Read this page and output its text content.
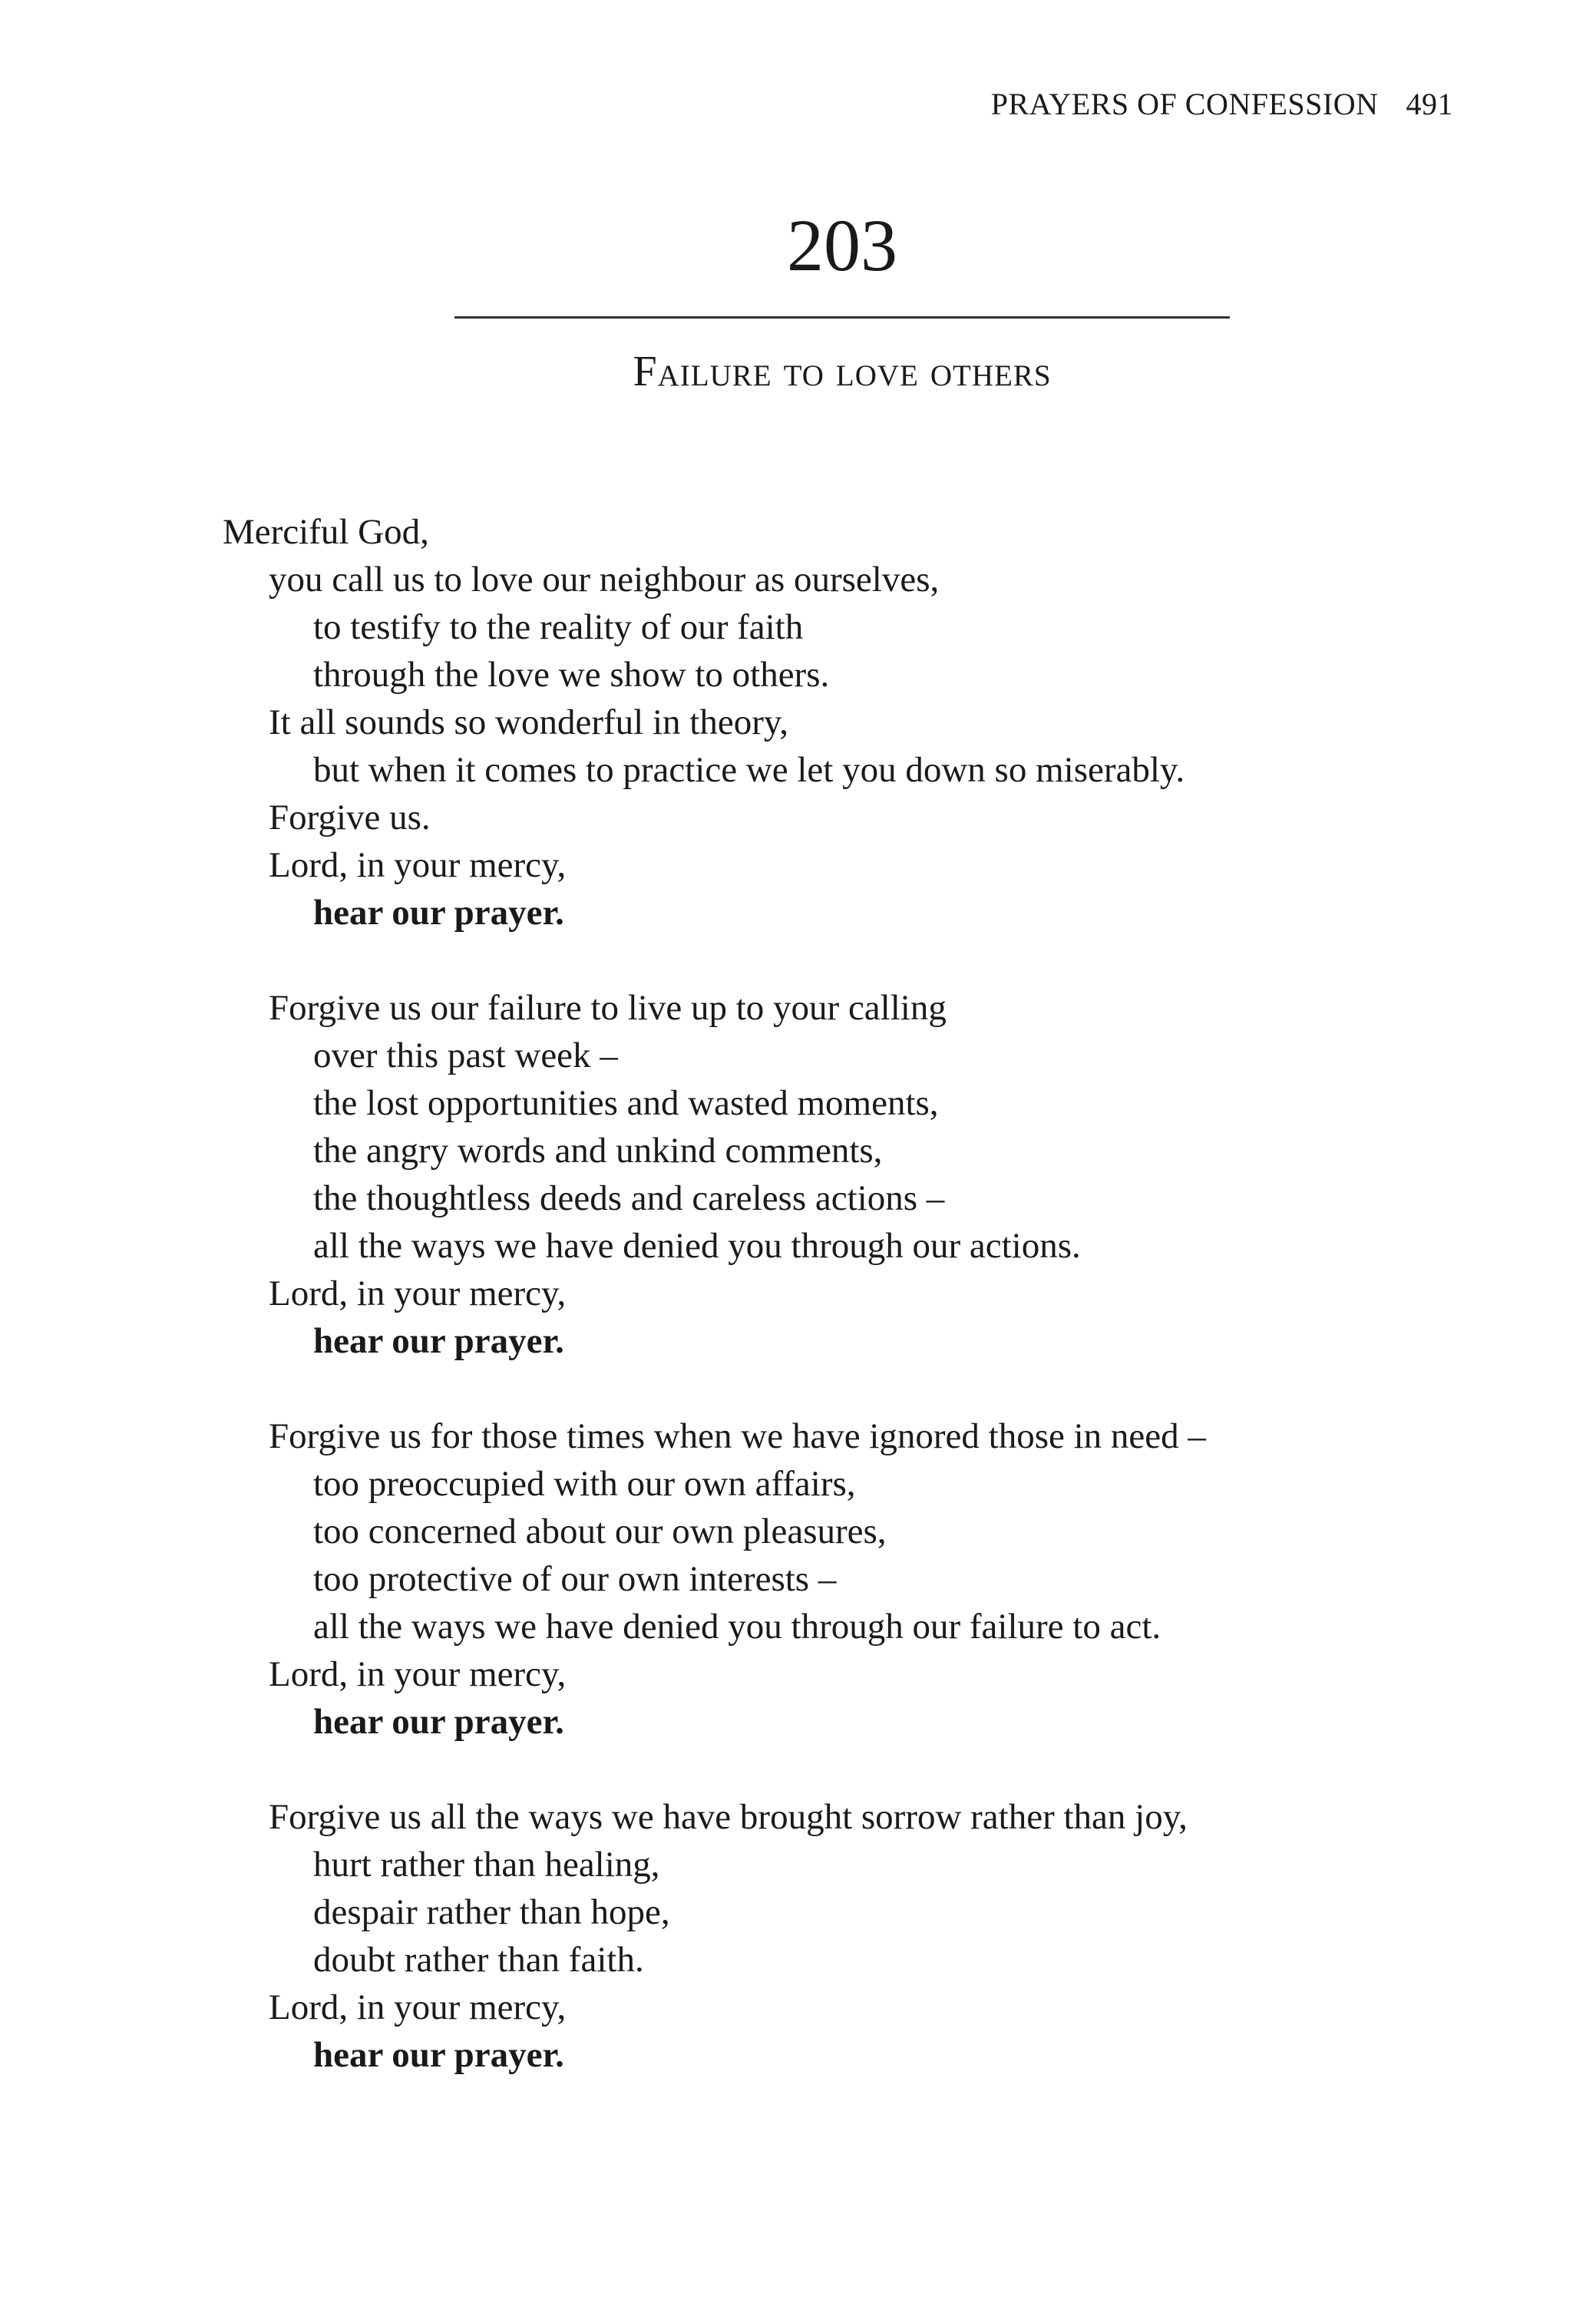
PRAYERS OF CONFESSION 491
203
Failure to love others
Merciful God,
you call us to love our neighbour as ourselves,
to testify to the reality of our faith
through the love we show to others.
It all sounds so wonderful in theory,
but when it comes to practice we let you down so miserably.
Forgive us.
Lord, in your mercy,
hear our prayer.
Forgive us our failure to live up to your calling
over this past week –
the lost opportunities and wasted moments,
the angry words and unkind comments,
the thoughtless deeds and careless actions –
all the ways we have denied you through our actions.
Lord, in your mercy,
hear our prayer.
Forgive us for those times when we have ignored those in need –
too preoccupied with our own affairs,
too concerned about our own pleasures,
too protective of our own interests –
all the ways we have denied you through our failure to act.
Lord, in your mercy,
hear our prayer.
Forgive us all the ways we have brought sorrow rather than joy,
hurt rather than healing,
despair rather than hope,
doubt rather than faith.
Lord, in your mercy,
hear our prayer.
